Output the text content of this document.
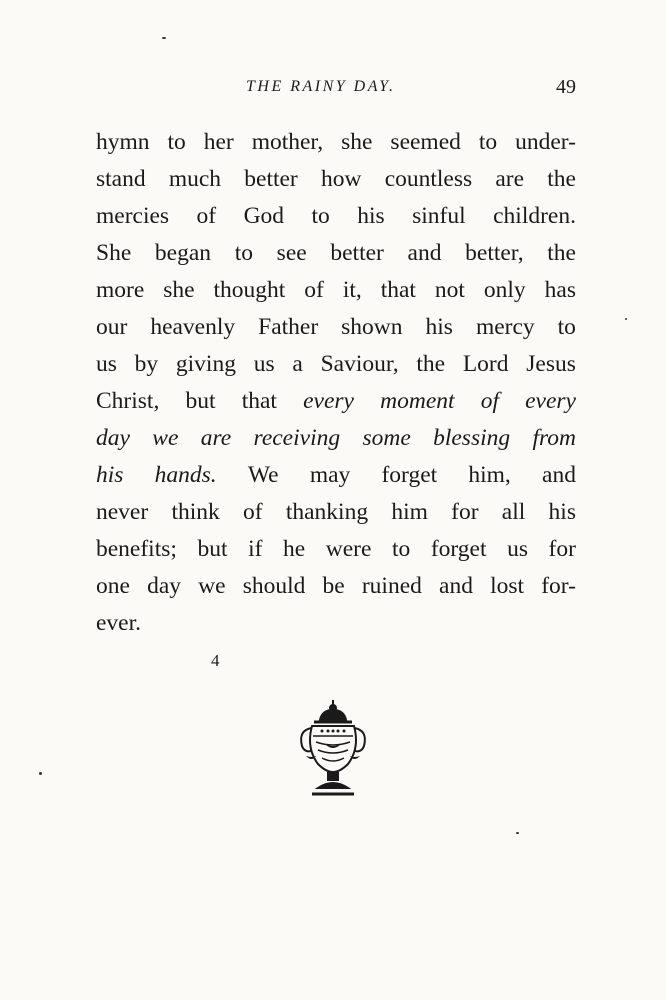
THE RAINY DAY.	49
hymn to her mother, she seemed to under-
stand much better how countless are the
mercies of God to his sinful children.
She began to see better and better, the
more she thought of it, that not only has
our heavenly Father shown his mercy to
us by giving us a Saviour, the Lord Jesus
Christ, but that every moment of every
day we are receiving some blessing from
his hands. We may forget him, and
never think of thanking him for all his
benefits; but if he were to forget us for
one day we should be ruined and lost for-
ever.
4
